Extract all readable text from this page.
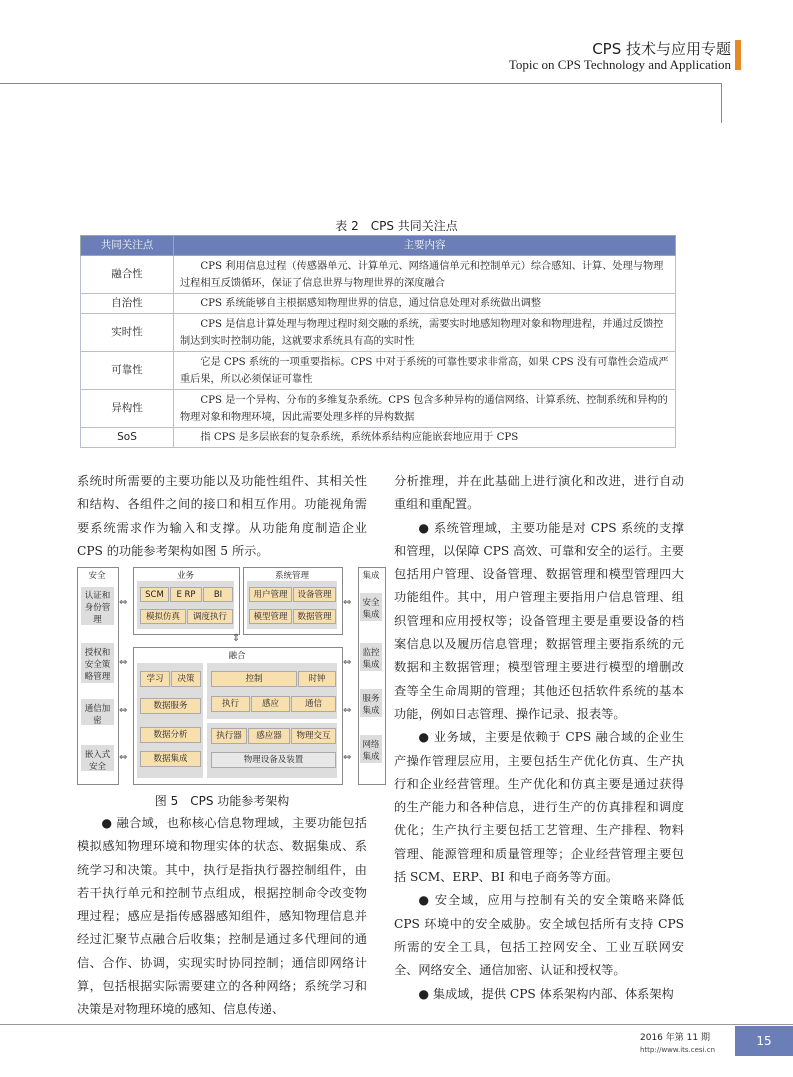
CPS 技术与应用专题
Topic on CPS Technology and Application
表 2　CPS 共同关注点
共同关注点	主要内容
融合性	CPS 利用信息过程（传感器单元、计算单元、网络通信单元和控制单元）综合感知、计算、处理与物理过程相互反馈循环，保证了信息世界与物理世界的深度融合
自治性	CPS 系统能够自主根据感知物理世界的信息，通过信息处理对系统做出调整
实时性	CPS 是信息计算处理与物理过程时刻交融的系统，需要实时地感知物理对象和物理进程，并通过反馈控制达到实时控制功能，这就要求系统具有高的实时性
可靠性	它是 CPS 系统的一项重要指标。CPS 中对于系统的可靠性要求非常高，如果 CPS 没有可靠性会造成严重后果，所以必须保证可靠性
异构性	CPS 是一个异构、分布的多维复杂系统。CPS 包含多种异构的通信网络、计算系统、控制系统和异构的物理对象和物理环境，因此需要处理多样的异构数据
SoS	指 CPS 是多层嵌套的复杂系统，系统体系结构应能嵌套地应用于 CPS

系统时所需要的主要功能以及功能性组件、其相关性和结构、各组件之间的接口和相互作用。功能视角需要系统需求作为输入和支撑。从功能角度制造企业 CPS 的功能参考架构如图 5 所示。

安全
认证和身份管理
授权和安全策略管理
通信加密
嵌入式安全
⇔
⇔
⇔
⇔
业务
SCM	E RP	BI
模拟仿真	调度执行
系统管理
用户管理	设备管理
模型管理	数据管理
⇕
融合
学习	决策
数据服务
数据分析
数据集成
控制	时钟
执行	感应	通信
执行器	感应器	物理交互
物理设备及装置
⇔
⇔
⇔
⇔
集成
安全集成
监控集成
服务集成
网络集成
图 5　CPS 功能参考架构

● 融合域，也称核心信息物理域，主要功能包括模拟感知物理环境和物理实体的状态、数据集成、系统学习和决策。其中，执行是指执行器控制组件，由若干执行单元和控制节点组成，根据控制命令改变物理过程；感应是指传感器感知组件，感知物理信息并经过汇聚节点融合后收集；控制是通过多代理间的通信、合作、协调，实现实时协同控制；通信即网络计算，包括根据实际需要建立的各种网络；系统学习和决策是对物理环境的感知、信息传递、

分析推理，并在此基础上进行演化和改进，进行自动重组和重配置。

● 系统管理域，主要功能是对 CPS 系统的支撑和管理，以保障 CPS 高效、可靠和安全的运行。主要包括用户管理、设备管理、数据管理和模型管理四大功能组件。其中，用户管理主要指用户信息管理、组织管理和应用授权等；设备管理主要是重要设备的档案信息以及履历信息管理；数据管理主要指系统的元数据和主数据管理；模型管理主要进行模型的增删改查等全生命周期的管理；其他还包括软件系统的基本功能，例如日志管理、操作记录、报表等。

● 业务域，主要是依赖于 CPS 融合域的企业生产操作管理层应用，主要包括生产优化仿真、生产执行和企业经营管理。生产优化和仿真主要是通过获得的生产能力和各种信息，进行生产的仿真排程和调度优化；生产执行主要包括工艺管理、生产排程、物料管理、能源管理和质量管理等；企业经营管理主要包括 SCM、ERP、BI 和电子商务等方面。

● 安全域，应用与控制有关的安全策略来降低 CPS 环境中的安全威胁。安全域包括所有支持 CPS 所需的安全工具，包括工控网安全、工业互联网安全、网络安全、通信加密、认证和授权等。

● 集成域，提供 CPS 体系架构内部、体系架构

2016 年第 11 期
http://www.its.cesi.cn
15
